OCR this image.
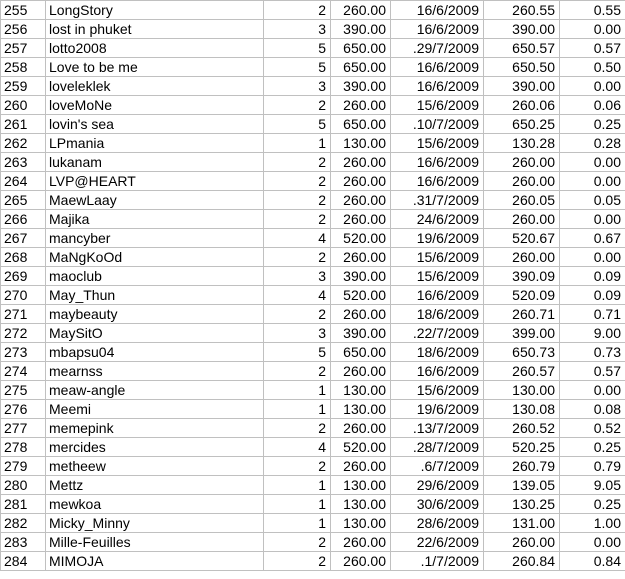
255	LongStory	2	260.00	16/6/2009	260.55	0.55
256	lost in phuket	3	390.00	16/6/2009	390.00	0.00
257	lotto2008	5	650.00	.29/7/2009	650.57	0.57
258	Love to be me	5	650.00	16/6/2009	650.50	0.50
259	loveleklek	3	390.00	16/6/2009	390.00	0.00
260	loveMoNe	2	260.00	15/6/2009	260.06	0.06
261	lovin's sea	5	650.00	.10/7/2009	650.25	0.25
262	LPmania	1	130.00	15/6/2009	130.28	0.28
263	lukanam	2	260.00	16/6/2009	260.00	0.00
264	LVP@HEART	2	260.00	16/6/2009	260.00	0.00
265	MaewLaay	2	260.00	.31/7/2009	260.05	0.05
266	Majika	2	260.00	24/6/2009	260.00	0.00
267	mancyber	4	520.00	19/6/2009	520.67	0.67
268	MaNgKoOd	2	260.00	15/6/2009	260.00	0.00
269	maoclub	3	390.00	15/6/2009	390.09	0.09
270	May_Thun	4	520.00	16/6/2009	520.09	0.09
271	maybeauty	2	260.00	18/6/2009	260.71	0.71
272	MaySitO	3	390.00	.22/7/2009	399.00	9.00
273	mbapsu04	5	650.00	18/6/2009	650.73	0.73
274	mearnss	2	260.00	16/6/2009	260.57	0.57
275	meaw-angle	1	130.00	15/6/2009	130.00	0.00
276	Meemi	1	130.00	19/6/2009	130.08	0.08
277	memepink	2	260.00	.13/7/2009	260.52	0.52
278	mercides	4	520.00	.28/7/2009	520.25	0.25
279	metheew	2	260.00	.6/7/2009	260.79	0.79
280	Mettz	1	130.00	29/6/2009	139.05	9.05
281	mewkoa	1	130.00	30/6/2009	130.25	0.25
282	Micky_Minny	1	130.00	28/6/2009	131.00	1.00
283	Mille-Feuilles	2	260.00	22/6/2009	260.00	0.00
284	MIMOJA	2	260.00	.1/7/2009	260.84	0.84
